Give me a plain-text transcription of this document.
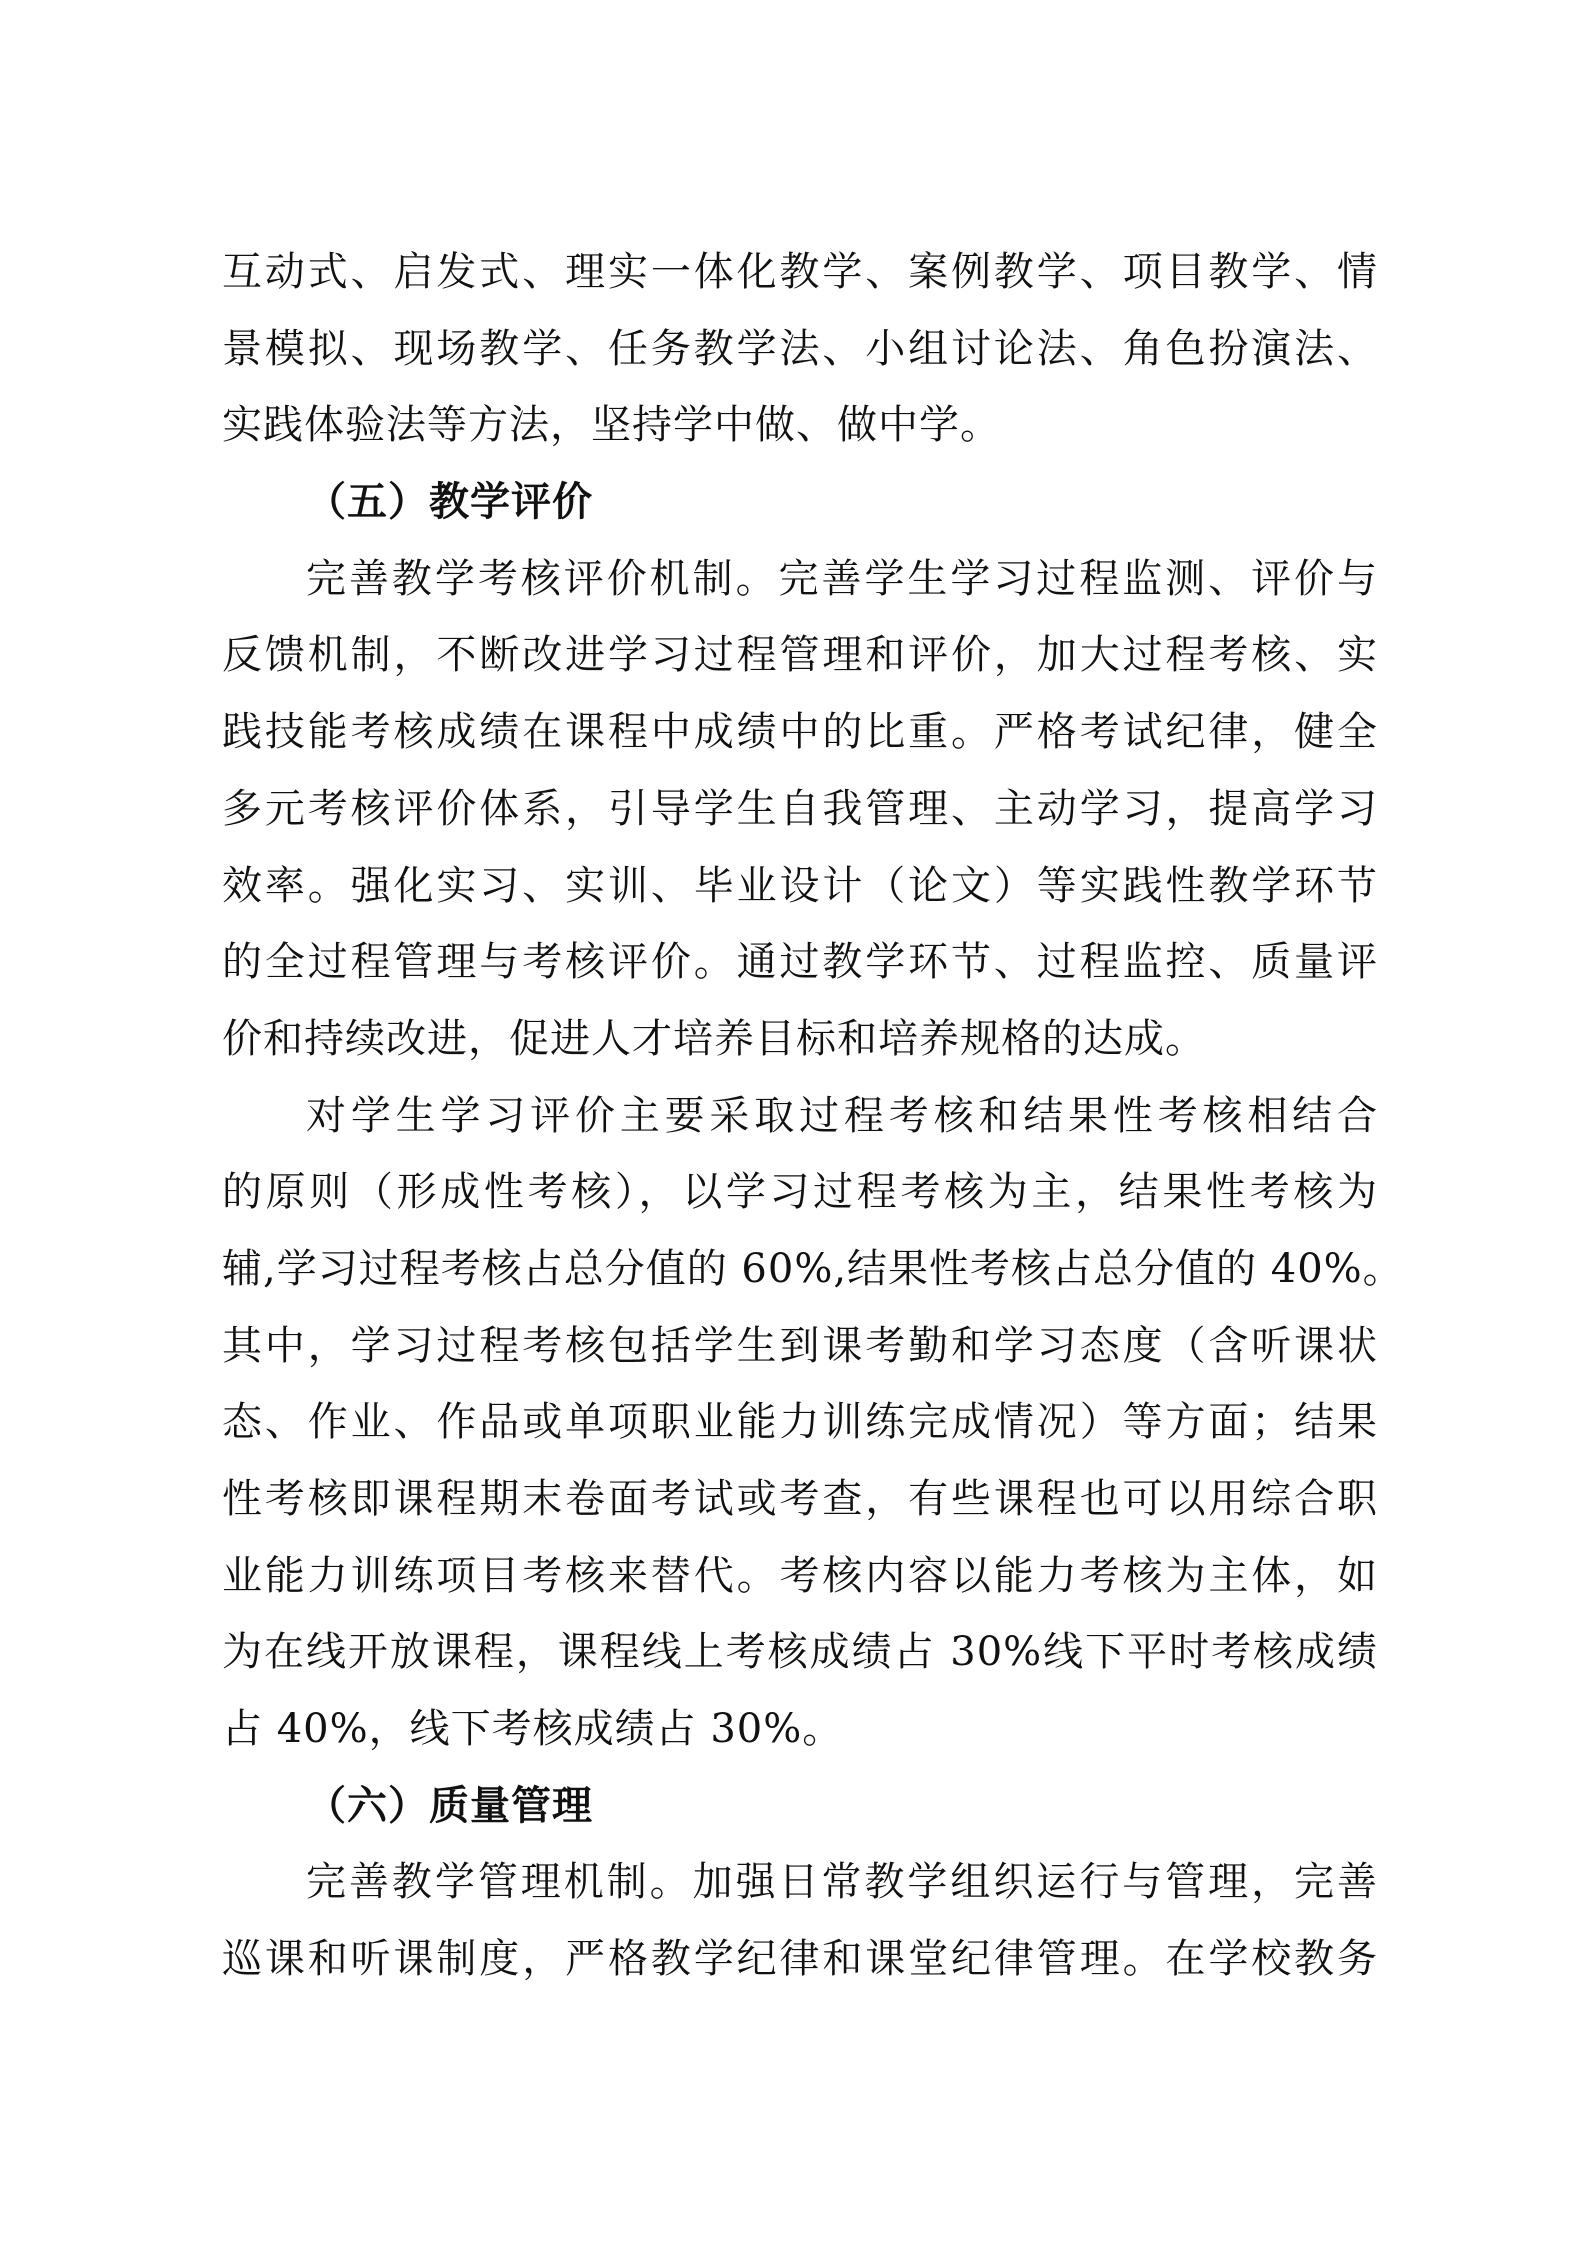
互动式、启发式、理实一体化教学、案例教学、项目教学、情
景模拟、现场教学、任务教学法、小组讨论法、角色扮演法、
实践体验法等方法，坚持学中做、做中学。
（五）教学评价
完善教学考核评价机制。完善学生学习过程监测、评价与
反馈机制，不断改进学习过程管理和评价，加大过程考核、实
践技能考核成绩在课程中成绩中的比重。严格考试纪律，健全
多元考核评价体系，引导学生自我管理、主动学习，提高学习
效率。强化实习、实训、毕业设计（论文）等实践性教学环节
的全过程管理与考核评价。通过教学环节、过程监控、质量评
价和持续改进，促进人才培养目标和培养规格的达成。
对学生学习评价主要采取过程考核和结果性考核相结合
的原则（形成性考核），以学习过程考核为主，结果性考核为
辅,学习过程考核占总分值的 60%,结果性考核占总分值的 40%。
其中，学习过程考核包括学生到课考勤和学习态度（含听课状
态、作业、作品或单项职业能力训练完成情况）等方面；结果
性考核即课程期末卷面考试或考查，有些课程也可以用综合职
业能力训练项目考核来替代。考核内容以能力考核为主体，如
为在线开放课程，课程线上考核成绩占 30%线下平时考核成绩
占 40%，线下考核成绩占 30%。
（六）质量管理
完善教学管理机制。加强日常教学组织运行与管理，完善
巡课和听课制度，严格教学纪律和课堂纪律管理。在学校教务
